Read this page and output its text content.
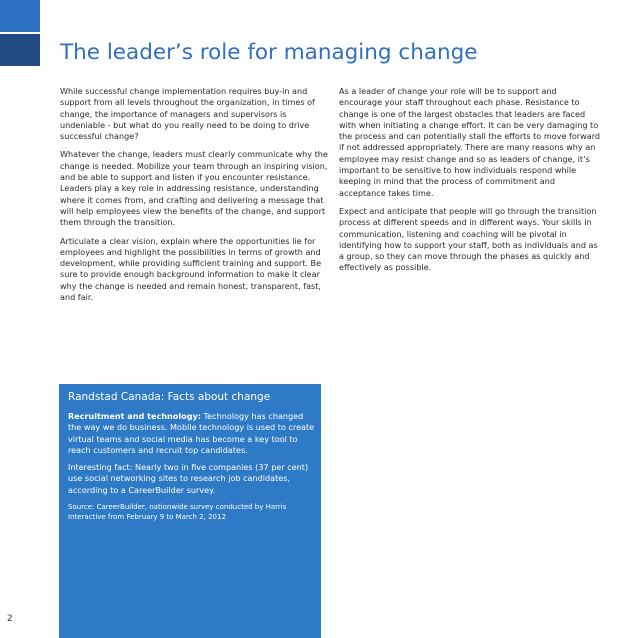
The leader’s role for managing change

While successful change implementation requires buy-in and support from all levels throughout the organization, in times of change, the importance of managers and supervisors is undeniable - but what do you really need to be doing to drive successful change?

Whatever the change, leaders must clearly communicate why the change is needed. Mobilize your team through an inspiring vision, and be able to support and listen if you encounter resistance. Leaders play a key role in addressing resistance, understanding where it comes from, and crafting and delivering a message that will help employees view the benefits of the change, and support them through the transition.

Articulate a clear vision, explain where the opportunities lie for employees and highlight the possibilities in terms of growth and development, while providing sufficient training and support. Be sure to provide enough background information to make it clear why the change is needed and remain honest, transparent, fast, and fair.

As a leader of change your role will be to support and encourage your staff throughout each phase. Resistance to change is one of the largest obstacles that leaders are faced with when initiating a change effort. It can be very damaging to the process and can potentially stall the efforts to move forward if not addressed appropriately. There are many reasons why an employee may resist change and so as leaders of change, it’s important to be sensitive to how individuals respond while keeping in mind that the process of commitment and acceptance takes time.

Expect and anticipate that people will go through the transition process at different speeds and in different ways. Your skills in communication, listening and coaching will be pivotal in identifying how to support your staff, both as individuals and as a group, so they can move through the phases as quickly and effectively as possible.

Randstad Canada: Facts about change

Recruitment and technology: Technology has changed the way we do business. Mobile technology is used to create virtual teams and social media has become a key tool to reach customers and recruit top candidates.

Interesting fact: Nearly two in five companies (37 per cent) use social networking sites to research job candidates, according to a CareerBuilder survey.

Source: CareerBuilder, nationwide survey conducted by Harris Interactive from February 9 to March 2, 2012

2
